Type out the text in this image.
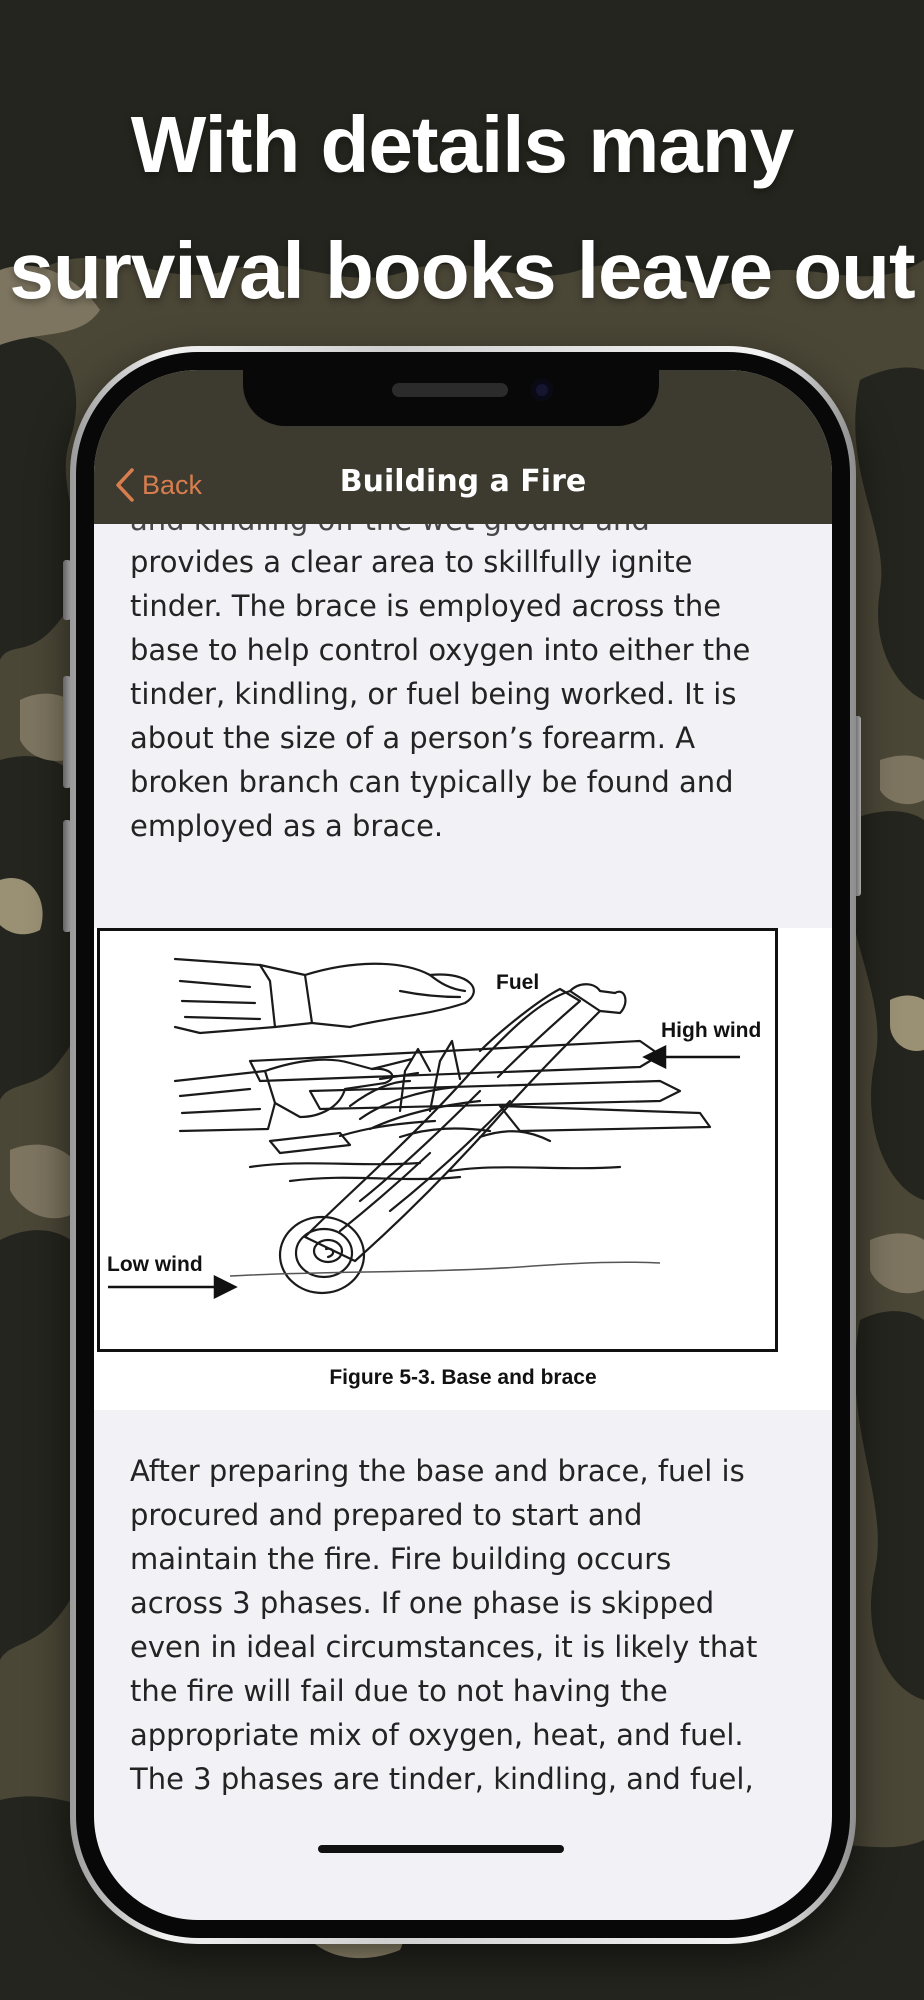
With details many
survival books leave out
Back	Building a Fire

provides a clear area to skillfully ignite tinder. The brace is employed across the base to help control oxygen into either the tinder, kindling, or fuel being worked. It is about the size of a person’s forearm. A broken branch can typically be found and employed as a brace.

Fuel
High wind
Low wind
Figure 5-3. Base and brace

After preparing the base and brace, fuel is procured and prepared to start and maintain the fire. Fire building occurs across 3 phases. If one phase is skipped even in ideal circumstances, it is likely that the fire will fail due to not having the appropriate mix of oxygen, heat, and fuel. The 3 phases are tinder, kindling, and fuel,
